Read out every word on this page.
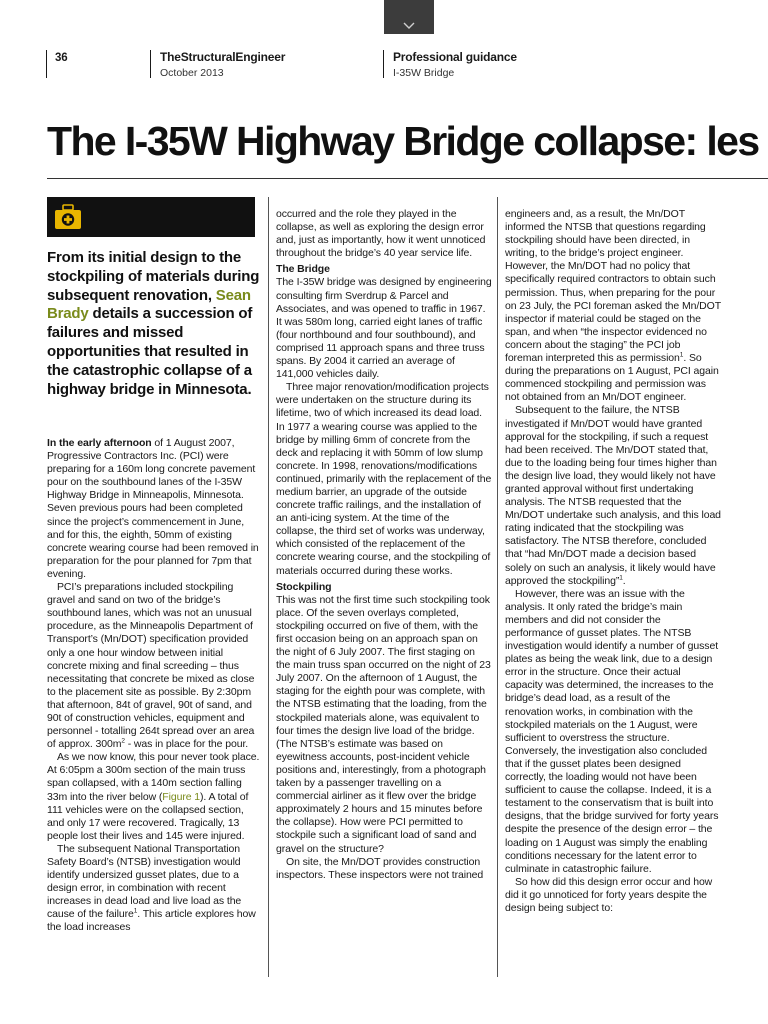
36	TheStructuralEngineer
October 2013
Professional guidance
I-35W Bridge
The I-35W Highway Bridge collapse: les
From its initial design to the stockpiling of materials during subsequent renovation, Sean Brady details a succession of failures and missed opportunities that resulted in the catastrophic collapse of a highway bridge in Minnesota.

In the early afternoon of 1 August 2007, Progressive Contractors Inc. (PCI) were preparing for a 160m long concrete pavement pour on the southbound lanes of the I-35W Highway Bridge in Minneapolis, Minnesota. Seven previous pours had been completed since the project’s commencement in June, and for this, the eighth, 50mm of existing concrete wearing course had been removed in preparation for the pour planned for 7pm that evening.

PCI’s preparations included stockpiling gravel and sand on two of the bridge’s southbound lanes, which was not an unusual procedure, as the Minneapolis Department of Transport’s (Mn/DOT) specification provided only a one hour window between initial concrete mixing and final screeding – thus necessitating that concrete be mixed as close to the placement site as possible. By 2:30pm that afternoon, 84t of gravel, 90t of sand, and 90t of construction vehicles, equipment and personnel - totalling 264t spread over an area of approx. $300m^2$ - was in place for the pour.

As we now know, this pour never took place. At 6:05pm a 300m section of the main truss span collapsed, with a 140m section falling 33m into the river below (Figure 1). A total of 111 vehicles were on the collapsed section, and only 17 were recovered. Tragically, 13 people lost their lives and 145 were injured.

The subsequent National Transportation Safety Board’s (NTSB) investigation would identify undersized gusset plates, due to a design error, in combination with recent increases in dead load and live load as the cause of the failure$^1$. This article explores how the load increases

occurred and the role they played in the collapse, as well as exploring the design error and, just as importantly, how it went unnoticed throughout the bridge’s 40 year service life.

The Bridge

The I-35W bridge was designed by engineering consulting firm Sverdrup & Parcel and Associates, and was opened to traffic in 1967. It was 580m long, carried eight lanes of traffic (four northbound and four southbound), and comprised 11 approach spans and three truss spans. By 2004 it carried an average of 141,000 vehicles daily.

Three major renovation/modification projects were undertaken on the structure during its lifetime, two of which increased its dead load. In 1977 a wearing course was applied to the bridge by milling 6mm of concrete from the deck and replacing it with 50mm of low slump concrete. In 1998, renovations/modifications continued, primarily with the replacement of the medium barrier, an upgrade of the outside concrete traffic railings, and the installation of an anti-icing system. At the time of the collapse, the third set of works was underway, which consisted of the replacement of the concrete wearing course, and the stockpiling of materials occurred during these works.

Stockpiling

This was not the first time such stockpiling took place. Of the seven overlays completed, stockpiling occurred on five of them, with the first occasion being on an approach span on the night of 6 July 2007. The first staging on the main truss span occurred on the night of 23 July 2007. On the afternoon of 1 August, the staging for the eighth pour was complete, with the NTSB estimating that the loading, from the stockpiled materials alone, was equivalent to four times the design live load of the bridge. (The NTSB’s estimate was based on eyewitness accounts, post-incident vehicle positions and, interestingly, from a photograph taken by a passenger travelling on a commercial airliner as it flew over the bridge approximately 2 hours and 15 minutes before the collapse). How were PCI permitted to stockpile such a significant load of sand and gravel on the structure?

On site, the Mn/DOT provides construction inspectors. These inspectors were not trained

engineers and, as a result, the Mn/DOT informed the NTSB that questions regarding stockpiling should have been directed, in writing, to the bridge’s project engineer. However, the Mn/DOT had no policy that specifically required contractors to obtain such permission. Thus, when preparing for the pour on 23 July, the PCI foreman asked the Mn/DOT inspector if material could be staged on the span, and when “the inspector evidenced no concern about the staging” the PCI job foreman interpreted this as permission$^1$. So during the preparations on 1 August, PCI again commenced stockpiling and permission was not obtained from an Mn/DOT engineer.

Subsequent to the failure, the NTSB investigated if Mn/DOT would have granted approval for the stockpiling, if such a request had been received. The Mn/DOT stated that, due to the loading being four times higher than the design live load, they would likely not have granted approval without first undertaking analysis. The NTSB requested that the Mn/DOT undertake such analysis, and this load rating indicated that the stockpiling was satisfactory. The NTSB therefore, concluded that “had Mn/DOT made a decision based solely on such an analysis, it likely would have approved the stockpiling”$^1$.

However, there was an issue with the analysis. It only rated the bridge’s main members and did not consider the performance of gusset plates. The NTSB investigation would identify a number of gusset plates as being the weak link, due to a design error in the structure. Once their actual capacity was determined, the increases to the bridge’s dead load, as a result of the renovation works, in combination with the stockpiled materials on the 1 August, were sufficient to overstress the structure. Conversely, the investigation also concluded that if the gusset plates been designed correctly, the loading would not have been sufficient to cause the collapse. Indeed, it is a testament to the conservatism that is built into designs, that the bridge survived for forty years despite the presence of the design error – the loading on 1 August was simply the enabling conditions necessary for the latent error to culminate in catastrophic failure.

So how did this design error occur and how did it go unnoticed for forty years despite the design being subject to:
